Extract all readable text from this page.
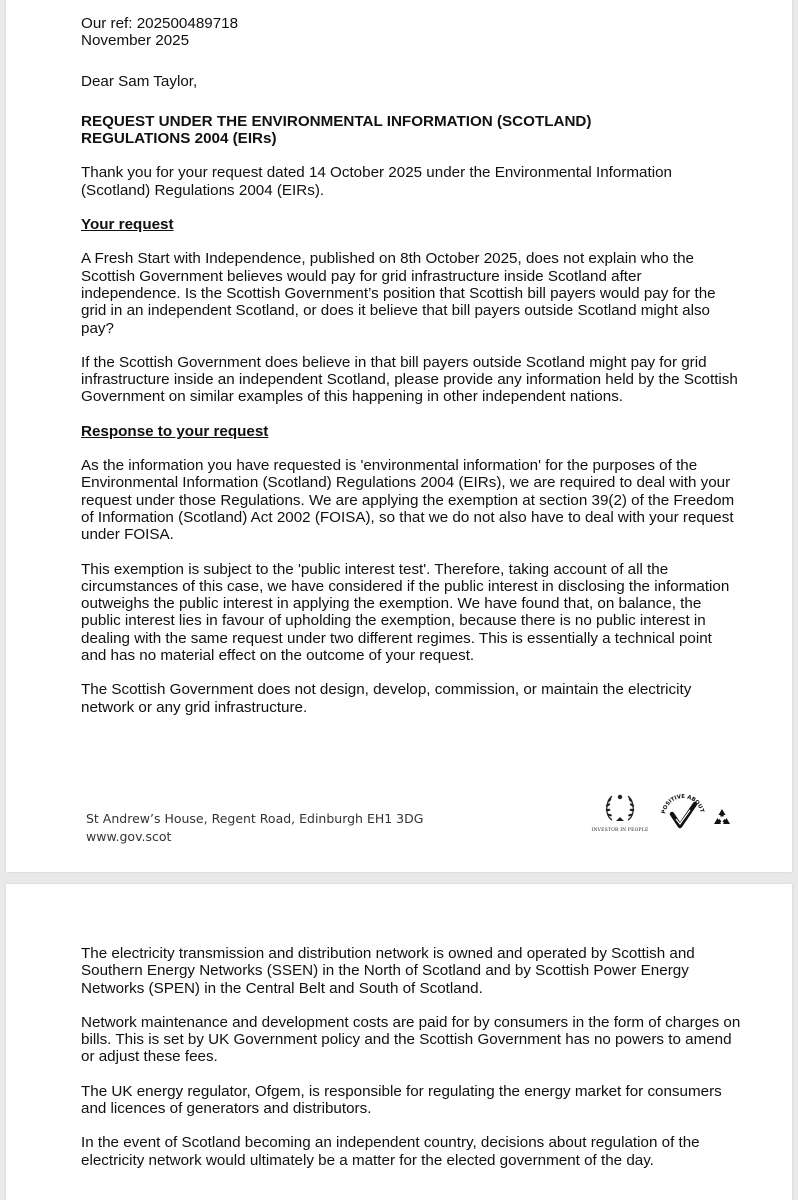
Our ref: 202500489718

November 2025

Dear Sam Taylor,

REQUEST UNDER THE ENVIRONMENTAL INFORMATION (SCOTLAND)
REGULATIONS 2004 (EIRs)

Thank you for your request dated 14 October 2025 under the Environmental Information (Scotland) Regulations 2004 (EIRs).

Your request

A Fresh Start with Independence, published on 8th October 2025, does not explain who the Scottish Government believes would pay for grid infrastructure inside Scotland after independence. Is the Scottish Government’s position that Scottish bill payers would pay for the grid in an independent Scotland, or does it believe that bill payers outside Scotland might also pay?

If the Scottish Government does believe in that bill payers outside Scotland might pay for grid infrastructure inside an independent Scotland, please provide any information held by the Scottish Government on similar examples of this happening in other independent nations.

Response to your request

As the information you have requested is 'environmental information' for the purposes of the Environmental Information (Scotland) Regulations 2004 (EIRs), we are required to deal with your request under those Regulations. We are applying the exemption at section 39(2) of the Freedom of Information (Scotland) Act 2002 (FOISA), so that we do not also have to deal with your request under FOISA.

This exemption is subject to the 'public interest test'. Therefore, taking account of all the circumstances of this case, we have considered if the public interest in disclosing the information outweighs the public interest in applying the exemption. We have found that, on balance, the public interest lies in favour of upholding the exemption, because there is no public interest in dealing with the same request under two different regimes. This is essentially a technical point and has no material effect on the outcome of your request.

The Scottish Government does not design, develop, commission, or maintain the electricity network or any grid infrastructure.

St Andrew’s House, Regent Road, Edinburgh EH1 3DG
www.gov.scot	INVESTOR IN PEOPLE
POSITIVE ABOUT

The electricity transmission and distribution network is owned and operated by Scottish and Southern Energy Networks (SSEN) in the North of Scotland and by Scottish Power Energy Networks (SPEN) in the Central Belt and South of Scotland.

Network maintenance and development costs are paid for by consumers in the form of charges on bills. This is set by UK Government policy and the Scottish Government has no powers to amend or adjust these fees.

The UK energy regulator, Ofgem, is responsible for regulating the energy market for consumers and licences of generators and distributors.

In the event of Scotland becoming an independent country, decisions about regulation of the electricity network would ultimately be a matter for the elected government of the day.
